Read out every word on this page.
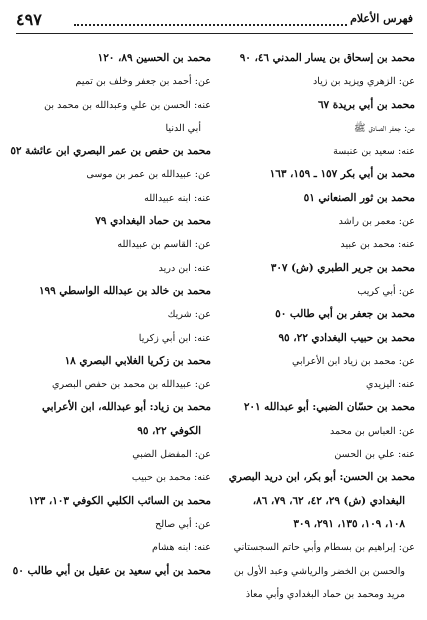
فهرس الأعلام
٤٩٧
محمد بن إسحاق بن يسار المدني ٤٦، ٩٠
عن: الزهري ويزيد بن زياد
محمد بن أبي بريدة ٦٧
عن: جعفر الصادق ﷺ
عنه: سعيد بن عنبسة
محمد بن أبي بكر ١٥٧ ـ ١٥٩، ١٦٣
محمد بن ثور الصنعاني ٥١
عن: معمر بن راشد
عنه: محمد بن عبيد
محمد بن جرير الطبري (ش) ٣٠٧
عن: أبي كريب
محمد بن جعفر بن أبي طالب ٥٠
محمد بن حبيب البغدادي ٢٢، ٩٥
عن: محمد بن زياد ابن الأعرابي
عنه: اليزيدي
محمد بن حسّان الضبي: أبو عبدالله ٢٠١
عن: العباس بن محمد
عنه: علي بن الحسن
محمد بن الحسن: أبو بكر، ابن دريد البصري
البغدادي (ش) ٢٩، ٤٢، ٦٢، ٧٩، ٨٦،
١٠٨، ١٠٩، ١٣٥، ٢٩١، ٣٠٩
عن: إبراهيم بن بسطام وأبي حاتم السجستاني
والحسن بن الخضر والرياشي وعبد الأول بن
مريد ومحمد بن حماد البغدادي وأبي معاذ
محمد بن الحسين ٨٩، ١٢٠
عن: أحمد بن جعفر وخلف بن تميم
عنه: الحسن بن علي وعبدالله بن محمد بن
أبي الدنيا
محمد بن حفص بن عمر البصري ابن عائشة ٥٢
عن: عبيدالله بن عمر بن موسى
عنه: ابنه عبيدالله
محمد بن حماد البغدادي ٧٩
عن: القاسم بن عبيدالله
عنه: ابن دريد
محمد بن خالد بن عبدالله الواسطي ١٩٩
عن: شريك
عنه: ابن أبي زكريا
محمد بن زكريا الغلابي البصري ١٨
عن: عبيدالله بن محمد بن حفص البصري
محمد بن زياد: أبو عبدالله، ابن الأعرابي
الكوفي ٢٢، ٩٥
عن: المفضل الضبي
عنه: محمد بن حبيب
محمد بن السائب الكلبي الكوفي ١٠٣، ١٢٣
عن: أبي صالح
عنه: ابنه هشام
محمد بن أبي سعيد بن عقيل بن أبي طالب ٥٠
